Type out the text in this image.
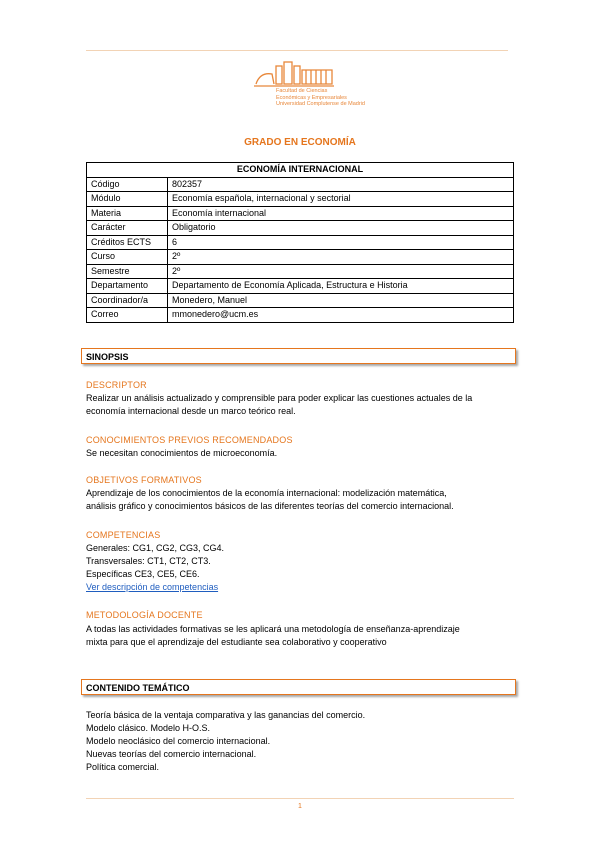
Facultad de Ciencias
Económicas y Empresariales
Universidad Complutense de Madrid
GRADO EN ECONOMÍA
ECONOMÍA INTERNACIONAL	
Código	802357
Módulo	Economía española, internacional y sectorial
Materia	Economía internacional
Carácter	Obligatorio
Créditos ECTS	6
Curso	2º
Semestre	2º
Departamento	Departamento de Economía Aplicada, Estructura e Historia
Coordinador/a	Monedero, Manuel
Correo	mmonedero@ucm.es
SINOPSIS
DESCRIPTOR
Realizar un análisis actualizado y comprensible para poder explicar las cuestiones actuales de la
economía internacional desde un marco teórico real.
CONOCIMIENTOS PREVIOS RECOMENDADOS
Se necesitan conocimientos de microeconomía.
OBJETIVOS FORMATIVOS
Aprendizaje de los conocimientos de la economía internacional: modelización matemática,
análisis gráfico y conocimientos básicos de las diferentes teorías del comercio internacional.
COMPETENCIAS
Generales: CG1, CG2, CG3, CG4.
Transversales: CT1, CT2, CT3.
Específicas CE3, CE5, CE6.
Ver descripción de competencias
METODOLOGÍA DOCENTE
A todas las actividades formativas se les aplicará una metodología de enseñanza-aprendizaje
mixta para que el aprendizaje del estudiante sea colaborativo y cooperativo
CONTENIDO TEMÁTICO
Teoría básica de la ventaja comparativa y las ganancias del comercio.
Modelo clásico. Modelo H-O.S.
Modelo neoclásico del comercio internacional.
Nuevas teorías del comercio internacional.
Política comercial.
1
